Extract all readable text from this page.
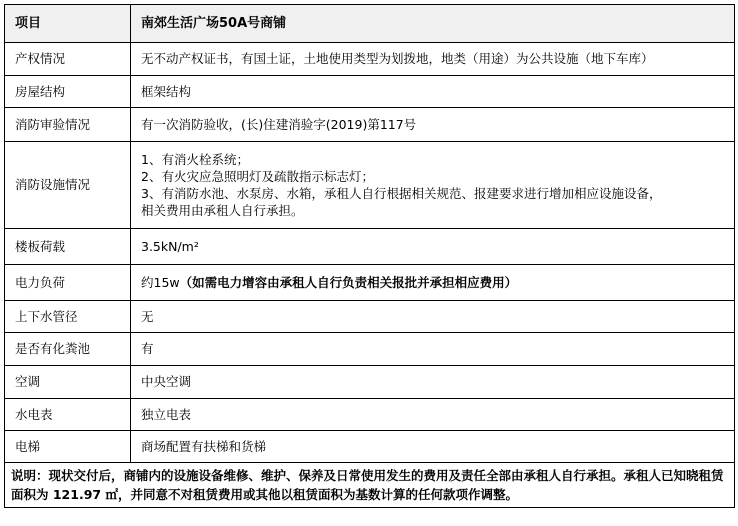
项目	南郊生活广场50A号商铺
产权情况	无不动产权证书，有国土证，土地使用类型为划拨地，地类（用途）为公共设施（地下车库）
房屋结构	框架结构
消防审验情况	有一次消防验收，(长)住建消验字(2019)第117号
消防设施情况	1、有消火栓系统；
2、有火灾应急照明灯及疏散指示标志灯；
3、有消防水池、水泵房、水箱，承租人自行根据相关规范、报建要求进行增加相应设施设备，
相关费用由承租人自行承担。

楼板荷载	3.5kN/m²
电力负荷	约15w（如需电力增容由承租人自行负责相关报批并承担相应费用）
上下水管径	无
是否有化粪池	有
空调	中央空调
水电表	独立电表
电梯	商场配置有扶梯和货梯
说明：现状交付后，商铺内的设施设备维修、维护、保养及日常使用发生的费用及责任全部由承租人自行承担。承租人已知晓租赁面积为 121.97 ㎡，并同意不对租赁费用或其他以租赁面积为基数计算的任何款项作调整。	
